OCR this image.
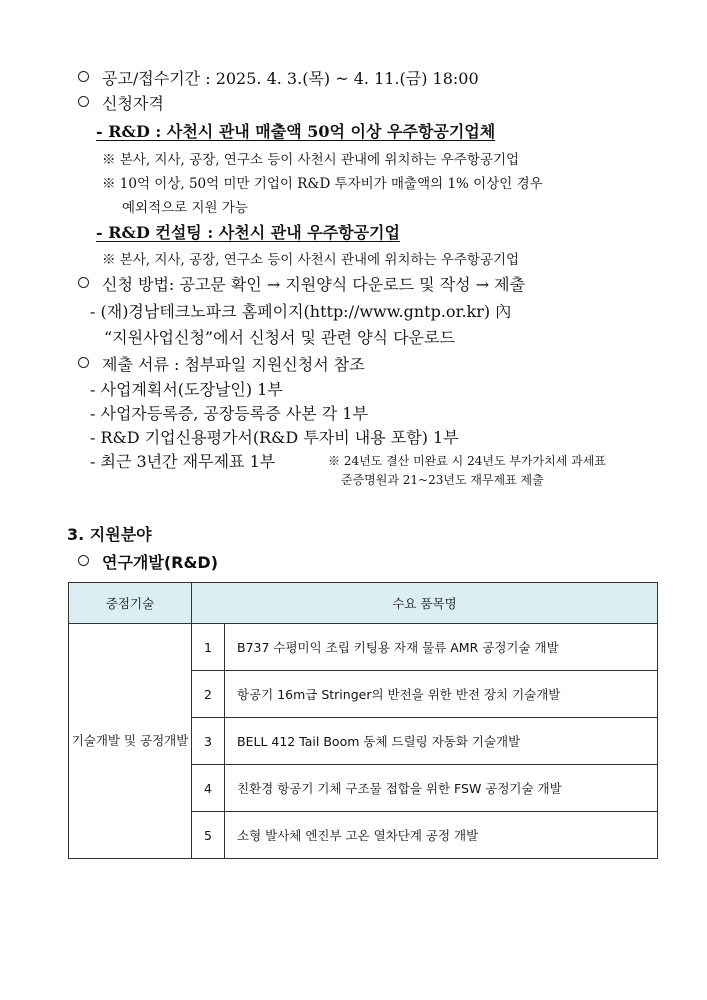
공고/접수기간 : 2025. 4. 3.(목) ~ 4. 11.(금) 18:00
신청자격
- R&D : 사천시 관내 매출액 50억 이상 우주항공기업체
※ 본사, 지사, 공장, 연구소 등이 사천시 관내에 위치하는 우주항공기업
※ 10억 이상, 50억 미만 기업이 R&D 투자비가 매출액의 1% 이상인 경우
예외적으로 지원 가능
- R&D 컨설팅 : 사천시 관내 우주항공기업
※ 본사, 지사, 공장, 연구소 등이 사천시 관내에 위치하는 우주항공기업
신청 방법: 공고문 확인 → 지원양식 다운로드 및 작성 → 제출
- (재)경남테크노파크 홈페이지(http://www.gntp.or.kr) 內
“지원사업신청”에서 신청서 및 관련 양식 다운로드
제출 서류 : 첨부파일 지원신청서 참조
- 사업계획서(도장날인) 1부
- 사업자등록증, 공장등록증 사본 각 1부
- R&D 기업신용평가서(R&D 투자비 내용 포함) 1부
- 최근 3년간 재무제표 1부	※ 24년도 결산 미완료 시 24년도 부가가치세 과세표
준증명원과 21~23년도 재무제표 제출
3. 지원분야
연구개발(R&D)
중점기술	수요 품목명	
기술개발 및 공정개발	1	B737 수평미익 조립 키팅용 자재 물류 AMR 공정기술 개발
	2	항공기 16m급 Stringer의 반전을 위한 반전 장치 기술개발
	3	BELL 412 Tail Boom 동체 드릴링 자동화 기술개발
	4	친환경 항공기 기체 구조물 접합을 위한 FSW 공정기술 개발
	5	소형 발사체 엔진부 고온 열차단계 공정 개발
